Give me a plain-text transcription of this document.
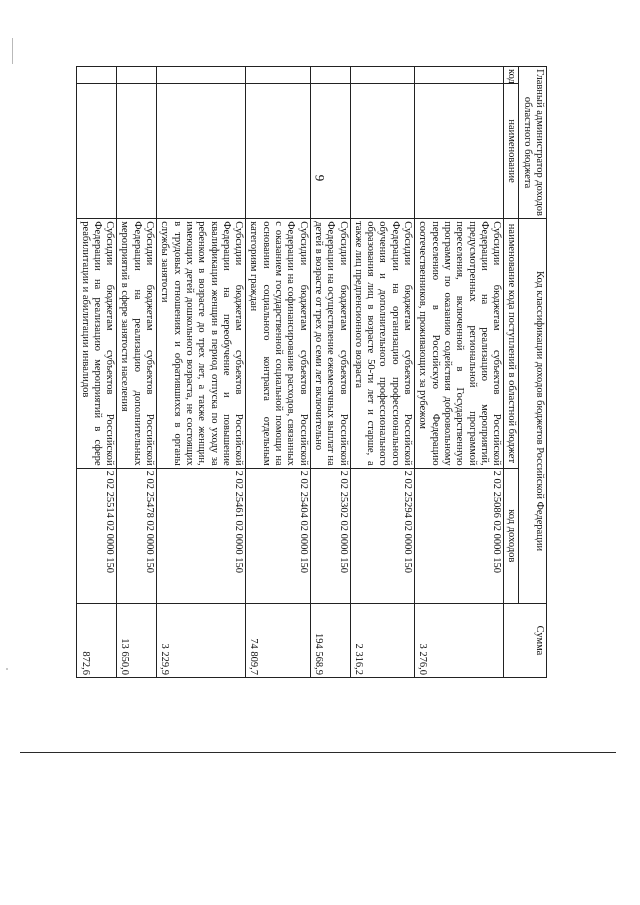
9	Главный администратор доходов областного бюджета		Код классификации доходов бюджетов Российской Федерации		Сумма
код	наименование	наименование кода поступлений в областной бюджет	код доходов	
		Субсидии бюджетам субъектов Российской Федерации на реализацию мероприятий, предусмотренных региональной программой переселения, включенной в Государственную программу по оказанию содействия добровольному переселению в Российскую Федерацию соотечественников, проживающих за рубежом	2 02 25086 02 0000 150	3 276,0
		Субсидии бюджетам субъектов Российской Федерации на организацию профессионального обучения и дополнительного профессионального образования лиц в возрасте 50-ти лет и старше, а также лиц предпенсионного возраста	2 02 25294 02 0000 150	2 316,2
		Субсидии бюджетам субъектов Российской Федерации на осуществление ежемесячных выплат на детей в возрасте от трех до семи лет включительно	2 02 25302 02 0000 150	194 568,9
		Субсидии бюджетам субъектов Российской Федерации на софинансирование расходов, связанных с оказанием государственной социальной помощи на основании социального контракта отдельным категориям граждан	2 02 25404 02 0000 150	74 809,7
		Субсидии бюджетам субъектов Российской Федерации на переобучение и повышение квалификации женщин в период отпуска по уходу за ребенком в возрасте до трех лет, а также женщин, имеющих детей дошкольного возраста, не состоящих в трудовых отношениях и обратившихся в органы службы занятости	2 02 25461 02 0000 150	3 229,9
		Субсидии бюджетам субъектов Российской Федерации на реализацию дополнительных мероприятий в сфере занятости населения	2 02 25478 02 0000 150	13 650,0
		Субсидии бюджетам субъектов Российской Федерации на реализацию мероприятий в сфере реабилитации и абилитации инвалидов	2 02 25514 02 0000 150	872,6
